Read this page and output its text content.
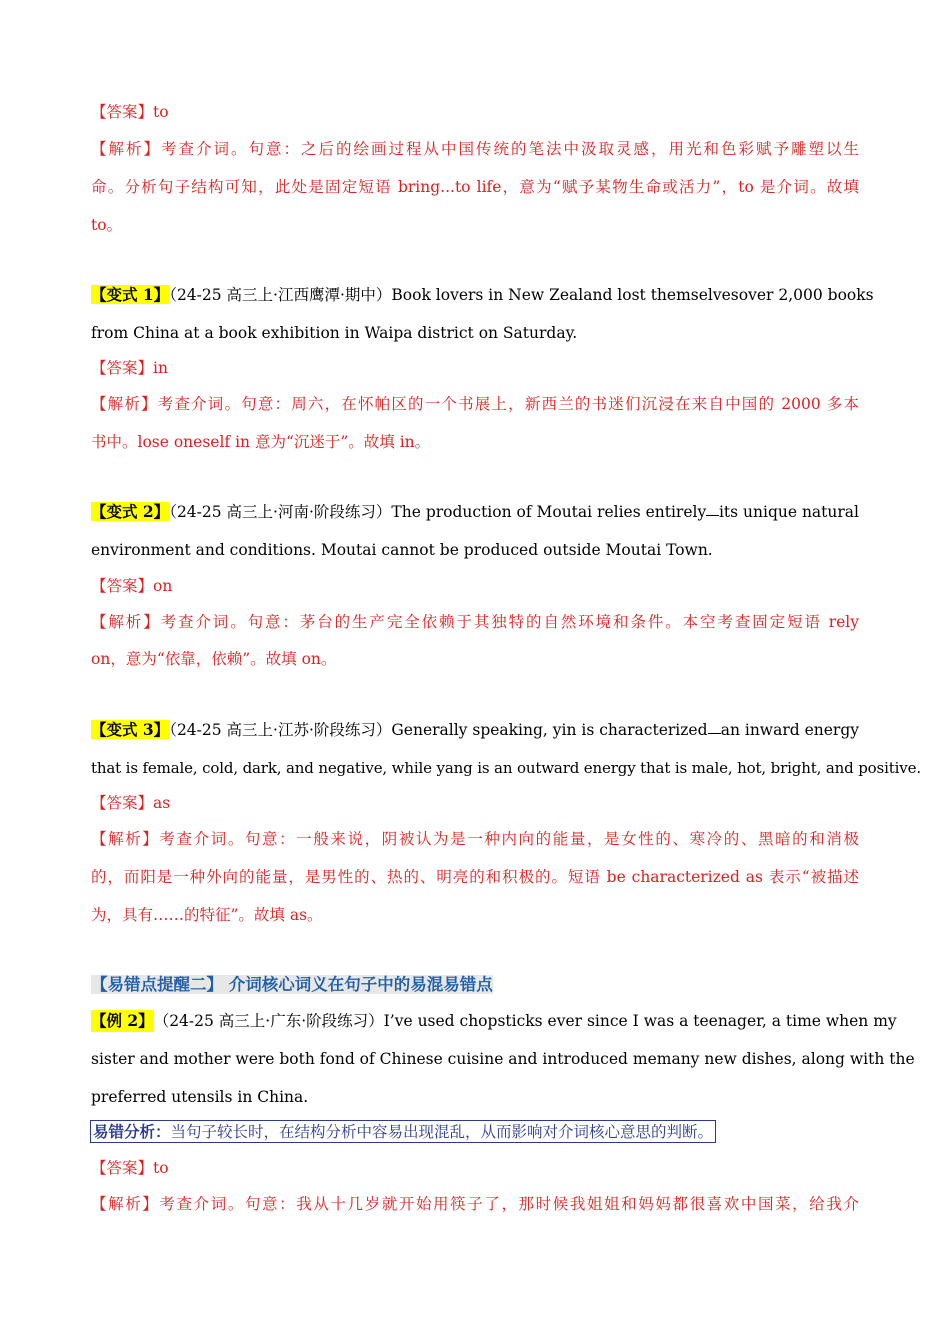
【答案】to
【解析】考查介词。句意：之后的绘画过程从中国传统的笔法中汲取灵感，用光和色彩赋予雕塑以生
命。分析句子结构可知，此处是固定短语 bring...to life，意为“赋予某物生命或活力”，to 是介词。故填
to。
【变式 1】（24-25 高三上·江西鹰潭·期中）Book lovers in New Zealand lost themselves over 2,000 books
from China at a book exhibition in Waipa district on Saturday.
【答案】in
【解析】考查介词。句意：周六，在怀帕区的一个书展上，新西兰的书迷们沉浸在来自中国的 2000 多本
书中。lose oneself in 意为“沉迷于”。故填 in。
【变式 2】（24-25 高三上·河南·阶段练习）The production of Moutai relies entirely its unique natural
environment and conditions. Moutai cannot be produced outside Moutai Town.
【答案】on
【解析】考查介词。句意：茅台的生产完全依赖于其独特的自然环境和条件。本空考查固定短语 rely
on，意为“依靠，依赖”。故填 on。
【变式 3】（24-25 高三上·江苏·阶段练习）Generally speaking, yin is characterized an inward energy
that is female, cold, dark, and negative, while yang is an outward energy that is male, hot, bright, and positive.
【答案】as
【解析】考查介词。句意：一般来说，阴被认为是一种内向的能量，是女性的、寒冷的、黑暗的和消极
的，而阳是一种外向的能量，是男性的、热的、明亮的和积极的。短语 be characterized as 表示“被描述
为，具有……的特征”。故填 as。
【易错点提醒二】 介词核心词义在句子中的易混易错点
【例 2】 （24-25 高三上·广东·阶段练习） I’ve used chopsticks ever since I was a teenager, a time when my
sister and mother were both fond of Chinese cuisine and introduced me many new dishes, along with the
preferred utensils in China.
易错分析：当句子较长时，在结构分析中容易出现混乱，从而影响对介词核心意思的判断。
【答案】to
【解析】考查介词。句意：我从十几岁就开始用筷子了，那时候我姐姐和妈妈都很喜欢中国菜，给我介
